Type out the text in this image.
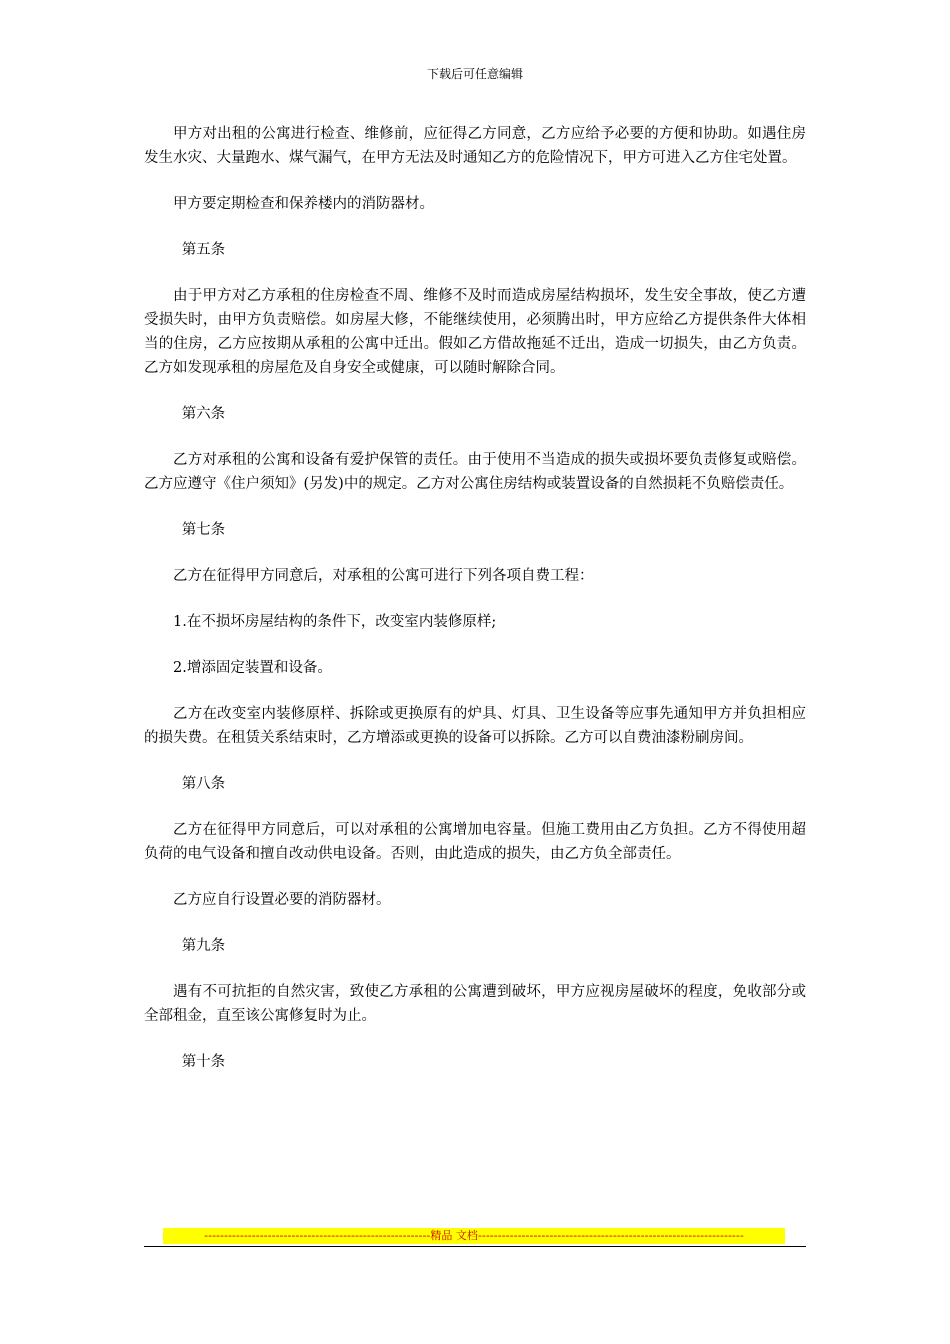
下载后可任意编辑

甲方对出租的公寓进行检查、维修前，应征得乙方同意，乙方应给予必要的方便和协助。如遇住房发生水灾、大量跑水、煤气漏气，在甲方无法及时通知乙方的危险情况下，甲方可进入乙方住宅处置。

甲方要定期检查和保养楼内的消防器材。

第五条

由于甲方对乙方承租的住房检查不周、维修不及时而造成房屋结构损坏，发生安全事故，使乙方遭受损失时，由甲方负责赔偿。如房屋大修，不能继续使用，必须腾出时，甲方应给乙方提供条件大体相当的住房，乙方应按期从承租的公寓中迁出。假如乙方借故拖延不迁出，造成一切损失，由乙方负责。乙方如发现承租的房屋危及自身安全或健康，可以随时解除合同。

第六条

乙方对承租的公寓和设备有爱护保管的责任。由于使用不当造成的损失或损坏要负责修复或赔偿。乙方应遵守《住户须知》(另发)中的规定。乙方对公寓住房结构或装置设备的自然损耗不负赔偿责任。

第七条

乙方在征得甲方同意后，对承租的公寓可进行下列各项自费工程：

1.在不损坏房屋结构的条件下，改变室内装修原样;

2.增添固定装置和设备。

乙方在改变室内装修原样、拆除或更换原有的炉具、灯具、卫生设备等应事先通知甲方并负担相应的损失费。在租赁关系结束时，乙方增添或更换的设备可以拆除。乙方可以自费油漆粉刷房间。

第八条

乙方在征得甲方同意后，可以对承租的公寓增加电容量。但施工费用由乙方负担。乙方不得使用超负荷的电气设备和擅自改动供电设备。否则，由此造成的损失，由乙方负全部责任。

乙方应自行设置必要的消防器材。

第九条

遇有不可抗拒的自然灾害，致使乙方承租的公寓遭到破坏，甲方应视房屋破坏的程度，免收部分或全部租金，直至该公寓修复时为止。

第十条

---------------------------------------------------------精品 文档-------------------------------------------------------------------
